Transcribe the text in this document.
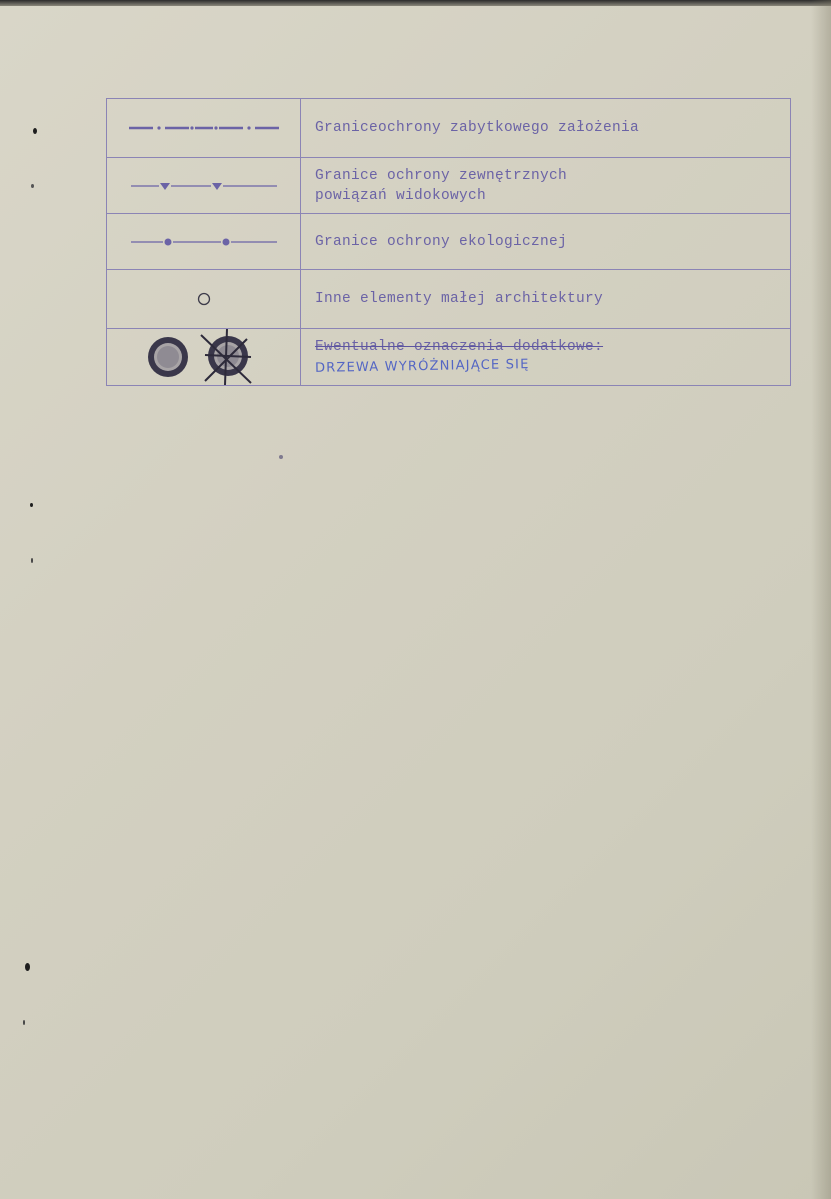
	Graniceochrony zabytkowego założenia

Granice ochrony zewnętrznych
powiązań widokowych

	Granice ochrony ekologicznej

	Inne elementy małej architektury

Ewentualne oznaczenia dodatkowe:
DRZEWA WYRÓŻNIAJĄCE SIĘ
